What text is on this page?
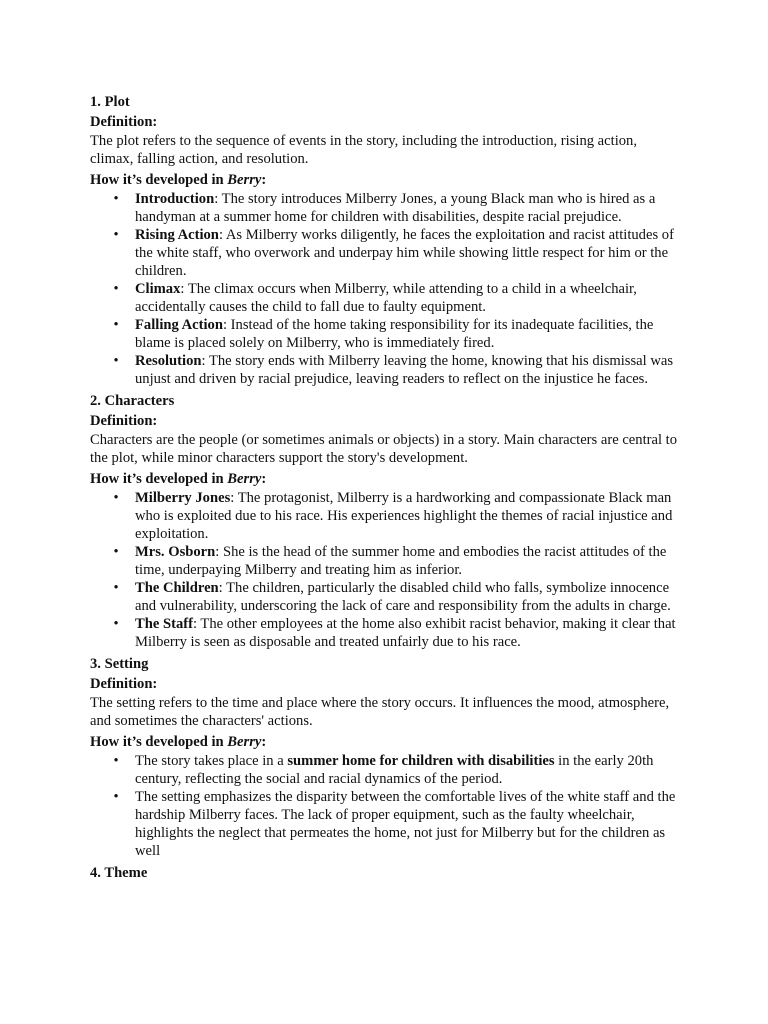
1. Plot

Definition:

The plot refers to the sequence of events in the story, including the introduction, rising action, climax, falling action, and resolution.

How it’s developed in Berry:

• Introduction: The story introduces Milberry Jones, a young Black man who is hired as a handyman at a summer home for children with disabilities, despite racial prejudice.
• Rising Action: As Milberry works diligently, he faces the exploitation and racist attitudes of the white staff, who overwork and underpay him while showing little respect for him or the children.
• Climax: The climax occurs when Milberry, while attending to a child in a wheelchair, accidentally causes the child to fall due to faulty equipment.
• Falling Action: Instead of the home taking responsibility for its inadequate facilities, the blame is placed solely on Milberry, who is immediately fired.
• Resolution: The story ends with Milberry leaving the home, knowing that his dismissal was unjust and driven by racial prejudice, leaving readers to reflect on the injustice he faces.
2. Characters

Definition:

Characters are the people (or sometimes animals or objects) in a story. Main characters are central to the plot, while minor characters support the story's development.

How it’s developed in Berry:

• Milberry Jones: The protagonist, Milberry is a hardworking and compassionate Black man who is exploited due to his race. His experiences highlight the themes of racial injustice and exploitation.
• Mrs. Osborn: She is the head of the summer home and embodies the racist attitudes of the time, underpaying Milberry and treating him as inferior.
• The Children: The children, particularly the disabled child who falls, symbolize innocence and vulnerability, underscoring the lack of care and responsibility from the adults in charge.
• The Staff: The other employees at the home also exhibit racist behavior, making it clear that Milberry is seen as disposable and treated unfairly due to his race.
3. Setting

Definition:

The setting refers to the time and place where the story occurs. It influences the mood, atmosphere, and sometimes the characters' actions.

How it’s developed in Berry:

• The story takes place in a summer home for children with disabilities in the early 20th century, reflecting the social and racial dynamics of the period.
• The setting emphasizes the disparity between the comfortable lives of the white staff and the hardship Milberry faces. The lack of proper equipment, such as the faulty wheelchair, highlights the neglect that permeates the home, not just for Milberry but for the children as well
4. Theme
